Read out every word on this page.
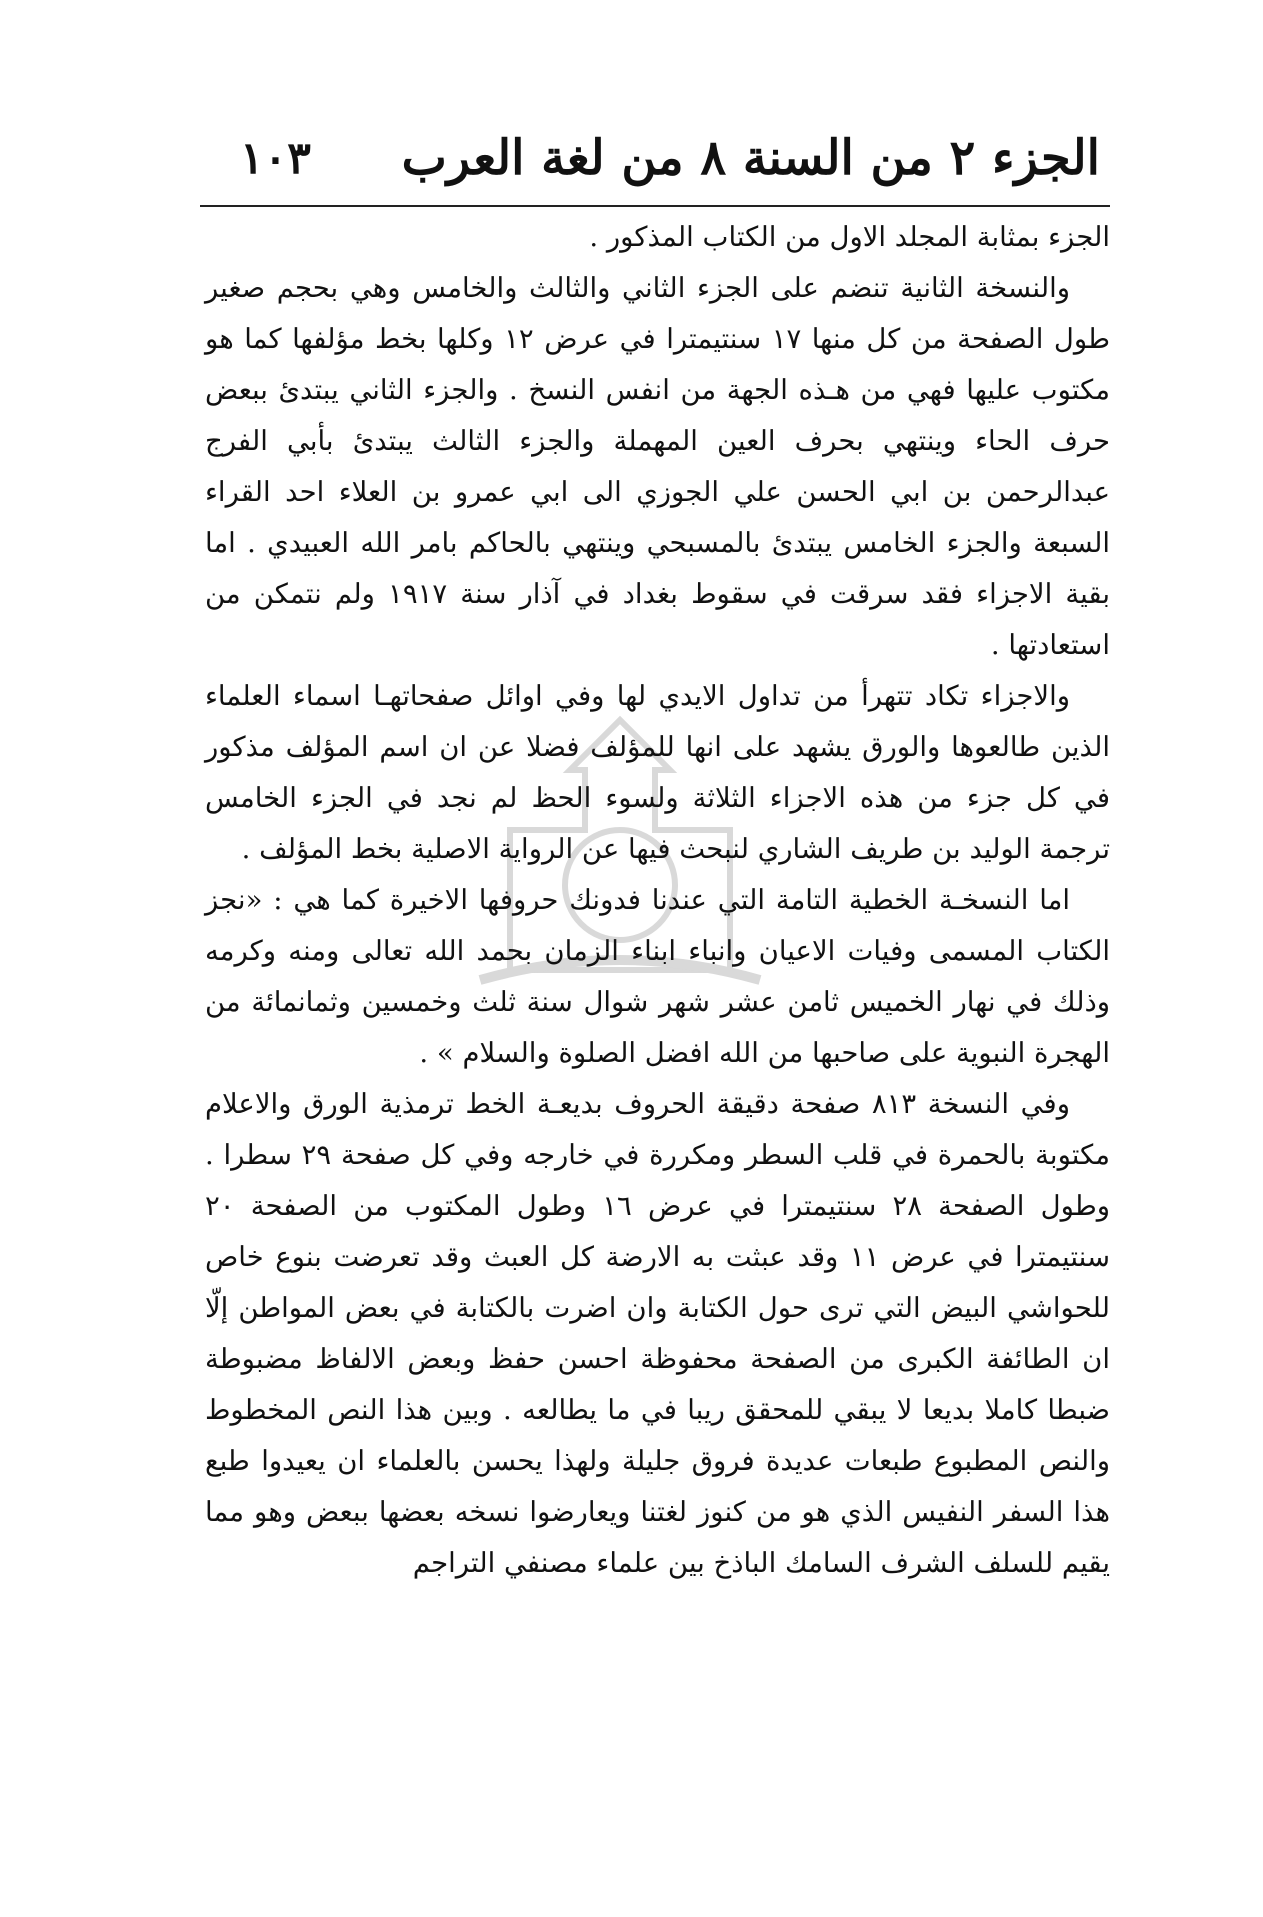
الجزء ٢ من السنة ٨ من لغة العرب
١٠٣

الجزء بمثابة المجلد الاول من الكتاب المذكور .

والنسخة الثانية تنضم على الجزء الثاني والثالث والخامس وهي بحجم صغير طول الصفحة من كل منها ١٧ سنتيمترا في عرض ١٢ وكلها بخط مؤلفها كما هو مكتوب عليها فهي من هـذه الجهة من انفس النسخ . والجزء الثاني يبتدئ ببعض حرف الحاء وينتهي بحرف العين المهملة والجزء الثالث يبتدئ بأبي الفرج عبدالرحمن بن ابي الحسن علي الجوزي الى ابي عمرو بن العلاء احد القراء السبعة والجزء الخامس يبتدئ بالمسبحي وينتهي بالحاكم بامر الله العبيدي . اما بقية الاجزاء فقد سرقت في سقوط بغداد في آذار سنة ١٩١٧ ولم نتمكن من استعادتها .

والاجزاء تكاد تتهرأ من تداول الايدي لها وفي اوائل صفحاتهـا اسماء العلماء الذين طالعوها والورق يشهد على انها للمؤلف فضلا عن ان اسم المؤلف مذكور في كل جزء من هذه الاجزاء الثلاثة ولسوء الحظ لم نجد في الجزء الخامس ترجمة الوليد بن طريف الشاري لنبحث فيها عن الرواية الاصلية بخط المؤلف .

اما النسخـة الخطية التامة التي عندنا فدونك حروفها الاخيرة كما هي : «نجز الكتاب المسمى وفيات الاعيان وانباء ابناء الزمان بحمد الله تعالى ومنه وكرمه وذلك في نهار الخميس ثامن عشر شهر شوال سنة ثلث وخمسين وثمانمائة من الهجرة النبوية على صاحبها من الله افضل الصلوة والسلام » .

وفي النسخة ٨١٣ صفحة دقيقة الحروف بديعـة الخط ترمذية الورق والاعلام مكتوبة بالحمرة في قلب السطر ومكررة في خارجه وفي كل صفحة ٢٩ سطرا . وطول الصفحة ٢٨ سنتيمترا في عرض ١٦ وطول المكتوب من الصفحة ٢٠ سنتيمترا في عرض ١١ وقد عبثت به الارضة كل العبث وقد تعرضت بنوع خاص للحواشي البيض التي ترى حول الكتابة وان اضرت بالكتابة في بعض المواطن إلّا ان الطائفة الكبرى من الصفحة محفوظة احسن حفظ وبعض الالفاظ مضبوطة ضبطا كاملا بديعا لا يبقي للمحقق ريبا في ما يطالعه . وبين هذا النص المخطوط والنص المطبوع طبعات عديدة فروق جليلة ولهذا يحسن بالعلماء ان يعيدوا طبع هذا السفر النفيس الذي هو من كنوز لغتنا ويعارضوا نسخه بعضها ببعض وهو مما يقيم للسلف الشرف السامك الباذخ بين علماء مصنفي التراجم
